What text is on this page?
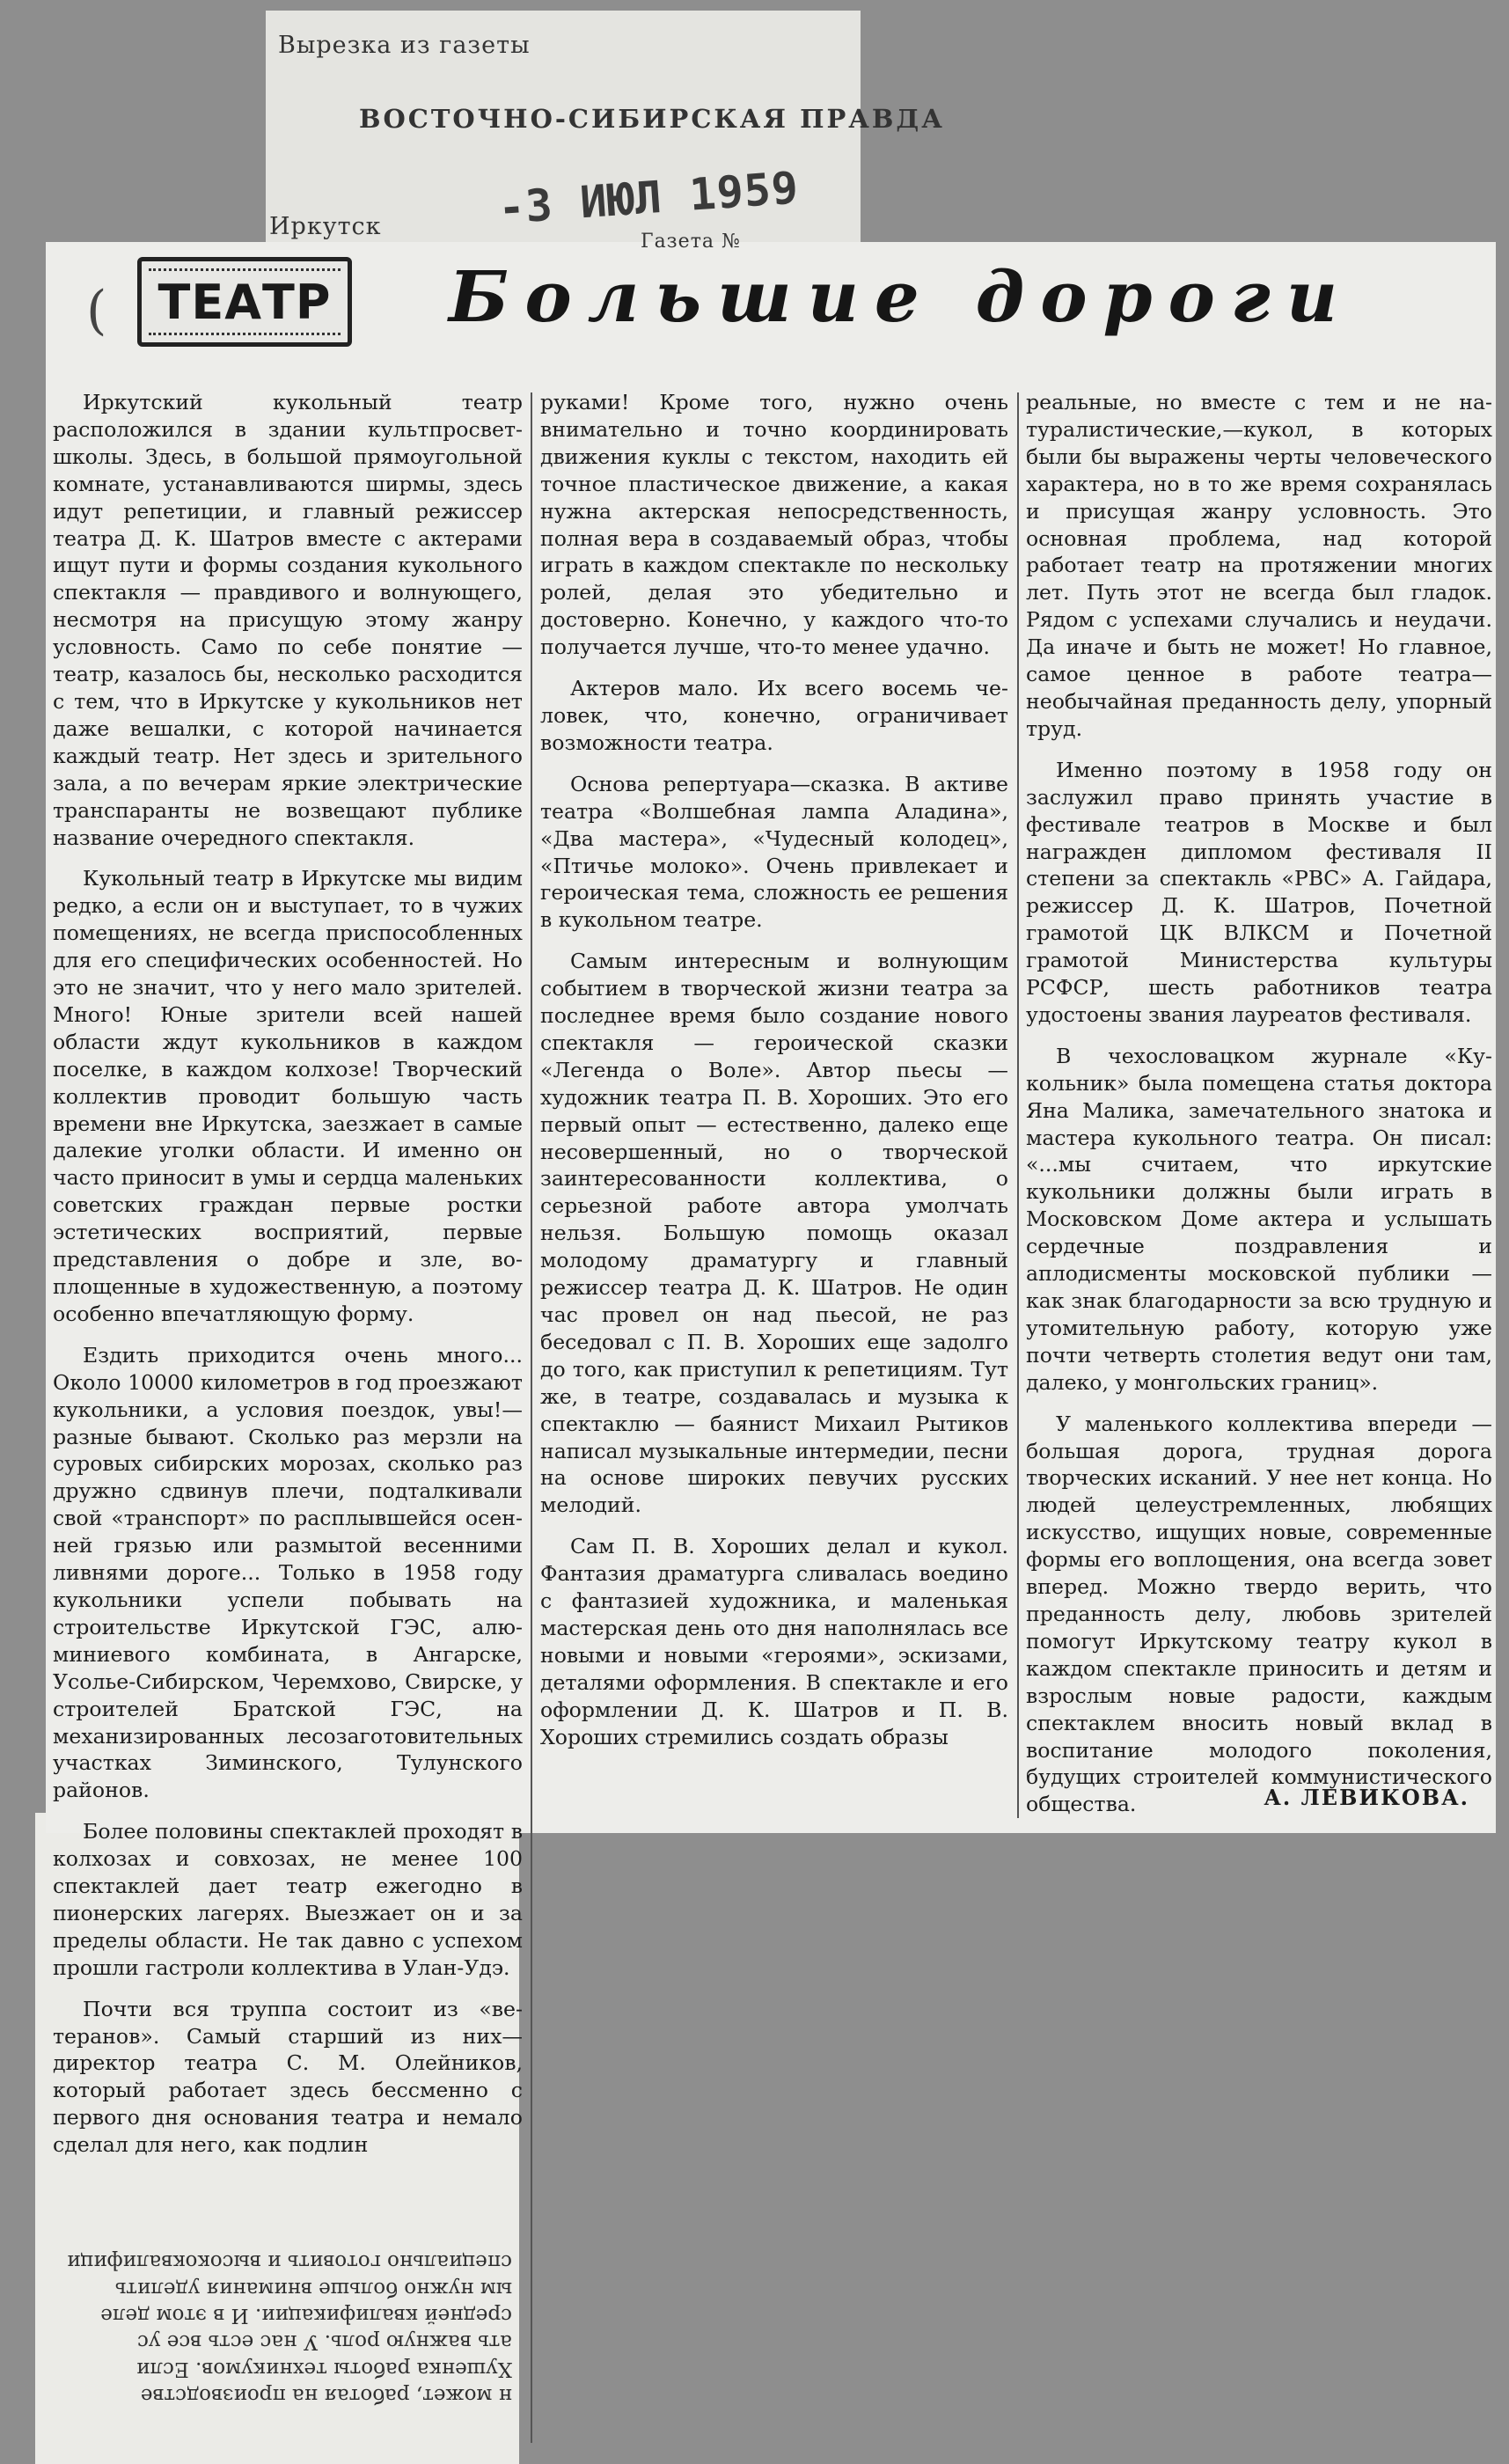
Вырезка из газеты
ВОСТОЧНО-СИБИРСКАЯ ПРАВДА
-3 ИЮЛ 1959
Иркутск
Газета №
(	ТЕАТР Большие дороги

Иркутский кукольный театр расположился в здании культпросветшколы. Здесь, в большой прямоугольной комнате, устанавливаются ширмы, здесь идут репетиции, и главный режиссер театра Д. К. Шатров вместе с актерами ищут пути и формы создания кукольного спектакля — правдивого и волнующего, несмотря на присущую этому жанру условность. Само по себе понятие — театр, казалось бы, несколько расходится с тем, что в Иркутске у кукольников нет даже вешалки, с которой начинается каждый театр. Нет здесь и зрительного зала, а по вечерам яркие электрические транспаранты не возвещают публике название очередного спектакля.

Кукольный театр в Иркутске мы видим редко, а если он и выступает, то в чужих помещениях, не всегда приспособленных для его специфических особенностей. Но это не значит, что у него мало зрителей. Много! Юные зрители всей нашей области ждут кукольников в каждом поселке, в каждом колхозе! Творческий коллектив проводит большую часть времени вне Иркутска, заезжает в самые далекие уголки области. И именно он часто приносит в умы и сердца маленьких советских граждан первые ростки эстетических восприятий, первые представления о добре и зле, воплощенные в художественную, а поэтому особенно впечатляющую форму.

Ездить приходится очень много... Около 10000 километров в год проезжают кукольники, а условия поездок, увы!—разные бывают. Сколько раз мерзли на суровых сибирских морозах, сколько раз дружно сдвинув плечи, подталкивали свой «транспорт» по расплывшейся осенней грязью или размытой весенними ливнями дороге... Только в 1958 году кукольники успели побывать на строительстве Иркутской ГЭС, алюминиевого комбината, в Ангарске, Усолье-Сибирском, Черемхово, Свирске, у строителей Братской ГЭС, на механизированных лесозаготовительных участках Зиминского, Тулунского районов.

Более половины спектаклей проходят в колхозах и совхозах, не менее 100 спектаклей дает театр ежегодно в пионерских лагерях. Выезжает он и за пределы области. Не так давно с успехом прошли гастроли коллектива в Улан-Удэ.

Почти вся труппа состоит из «ветеранов». Самый старший из них— директор театра С. М. Олейников, который работает здесь бессменно с первого дня основания театра и немало сделал для него, как подлин

руками! Кроме того, нужно очень внимательно и точно координировать движения куклы с текстом, находить ей точное пластическое движение, а какая нужна актерская непосредственность, полная вера в создаваемый образ, чтобы играть в каждом спектакле по нескольку ролей, делая это убедительно и достоверно. Конечно, у каждого что-то получается лучше, что-то менее удачно.

Актеров мало. Их всего восемь человек, что, конечно, ограничивает возможности театра.

Основа репертуара—сказка. В активе театра «Волшебная лампа Аладина», «Два мастера», «Чудесный колодец», «Птичье молоко». Очень привлекает и героическая тема, сложность ее решения в кукольном театре.

Самым интересным и волнующим событием в творческой жизни театра за последнее время было создание нового спектакля — героической сказки «Легенда о Воле». Автор пьесы — художник театра П. В. Хороших. Это его первый опыт — естественно, далеко еще несовершенный, но о творческой заинтересованности коллектива, о серьезной работе автора умолчать нельзя. Большую помощь оказал молодому драматургу и главный режиссер театра Д. К. Шатров. Не один час провел он над пьесой, не раз беседовал с П. В. Хороших еще задолго до того, как приступил к репетициям. Тут же, в театре, создавалась и музыка к спектаклю — баянист Михаил Рытиков написал музыкальные интермедии, песни на основе широких певучих русских мелодий.

Сам П. В. Хороших делал и кукол. Фантазия драматурга сливалась воедино с фантазией художника, и маленькая мастерская день ото дня наполнялась все новыми и новыми «героями», эскизами, деталями оформления. В спектакле и его оформлении Д. К. Шатров и П. В. Хороших стремились создать образы

реальные, но вместе с тем и не натуралистические,—кукол, в которых были бы выражены черты человеческого характера, но в то же время сохранялась и присущая жанру условность. Это основная проблема, над которой работает театр на протяжении многих лет. Путь этот не всегда был гладок. Рядом с успехами случались и неудачи. Да иначе и быть не может! Но главное, самое ценное в работе театра— необычайная преданность делу, упорный труд.

Именно поэтому в 1958 году он заслужил право принять участие в фестивале театров в Москве и был награжден дипломом фестиваля II степени за спектакль «РВС» А. Гайдара, режиссер Д. К. Шатров, Почетной грамотой ЦК ВЛКСМ и Почетной грамотой Министерства культуры РСФСР, шесть работников театра удостоены звания лауреатов фестиваля.

В чехословацком журнале «Кукольник» была помещена статья доктора Яна Малика, замечательного знатока и мастера кукольного театра. Он писал: «...мы считаем, что иркутские кукольники должны были играть в Московском Доме актера и услышать сердечные поздравления и аплодисменты московской публики — как знак благодарности за всю трудную и утомительную работу, которую уже почти четверть столетия ведут они там, далеко, у монгольских границ».

У маленького коллектива впереди — большая дорога, трудная дорога творческих исканий. У нее нет конца. Но людей целеустремленных, любящих искусство, ищущих новые, современные формы его воплощения, она всегда зовет вперед. Можно твердо верить, что преданность делу, любовь зрителей помогут Иркутскому театру кукол в каждом спектакле приносить и детям и взрослым новые радости, каждым спектаклем вносить новый вклад в воспитание молодого поколения, будущих строителей коммунистического общества.	А. ЛЕВИКОВА.

н может, работая на производстве

Хушенка работы техникумов. Если

ать важную роль. У нас есть все ус

средней квалификации. И в этом деле

ым нужно больше внимания уделить

специально готовить и высококвалифици
